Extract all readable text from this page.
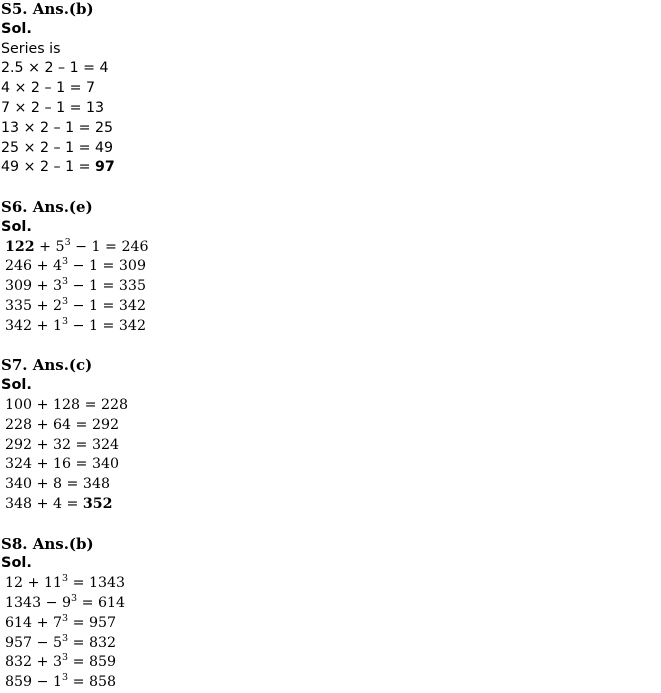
S5. Ans.(b)
Sol.
Series is
2.5 × 2 – 1 = 4
4 × 2 – 1 = 7
7 × 2 – 1 = 13
13 × 2 – 1 = 25
25 × 2 – 1 = 49
49 × 2 – 1 = 97
S6. Ans.(e)
Sol.
$122 + 5^3 - 1 = 246$
$246 + 4^3 - 1 = 309$
$309 + 3^3 - 1 = 335$
$335 + 2^3 - 1 = 342$
$342 + 1^3 - 1 = 342$
S7. Ans.(c)
Sol.
100 + 128 = 228
228 + 64 = 292
292 + 32 = 324
324 + 16 = 340
340 + 8 = 348
348 + 4 = 352
S8. Ans.(b)
Sol.
$12 + 11^3 = 1343$
$1343 - 9^3 = 614$
$614 + 7^3 = 957$
$957 - 5^3 = 832$
$832 + 3^3 = 859$
$859 - 1^3 = 858$
